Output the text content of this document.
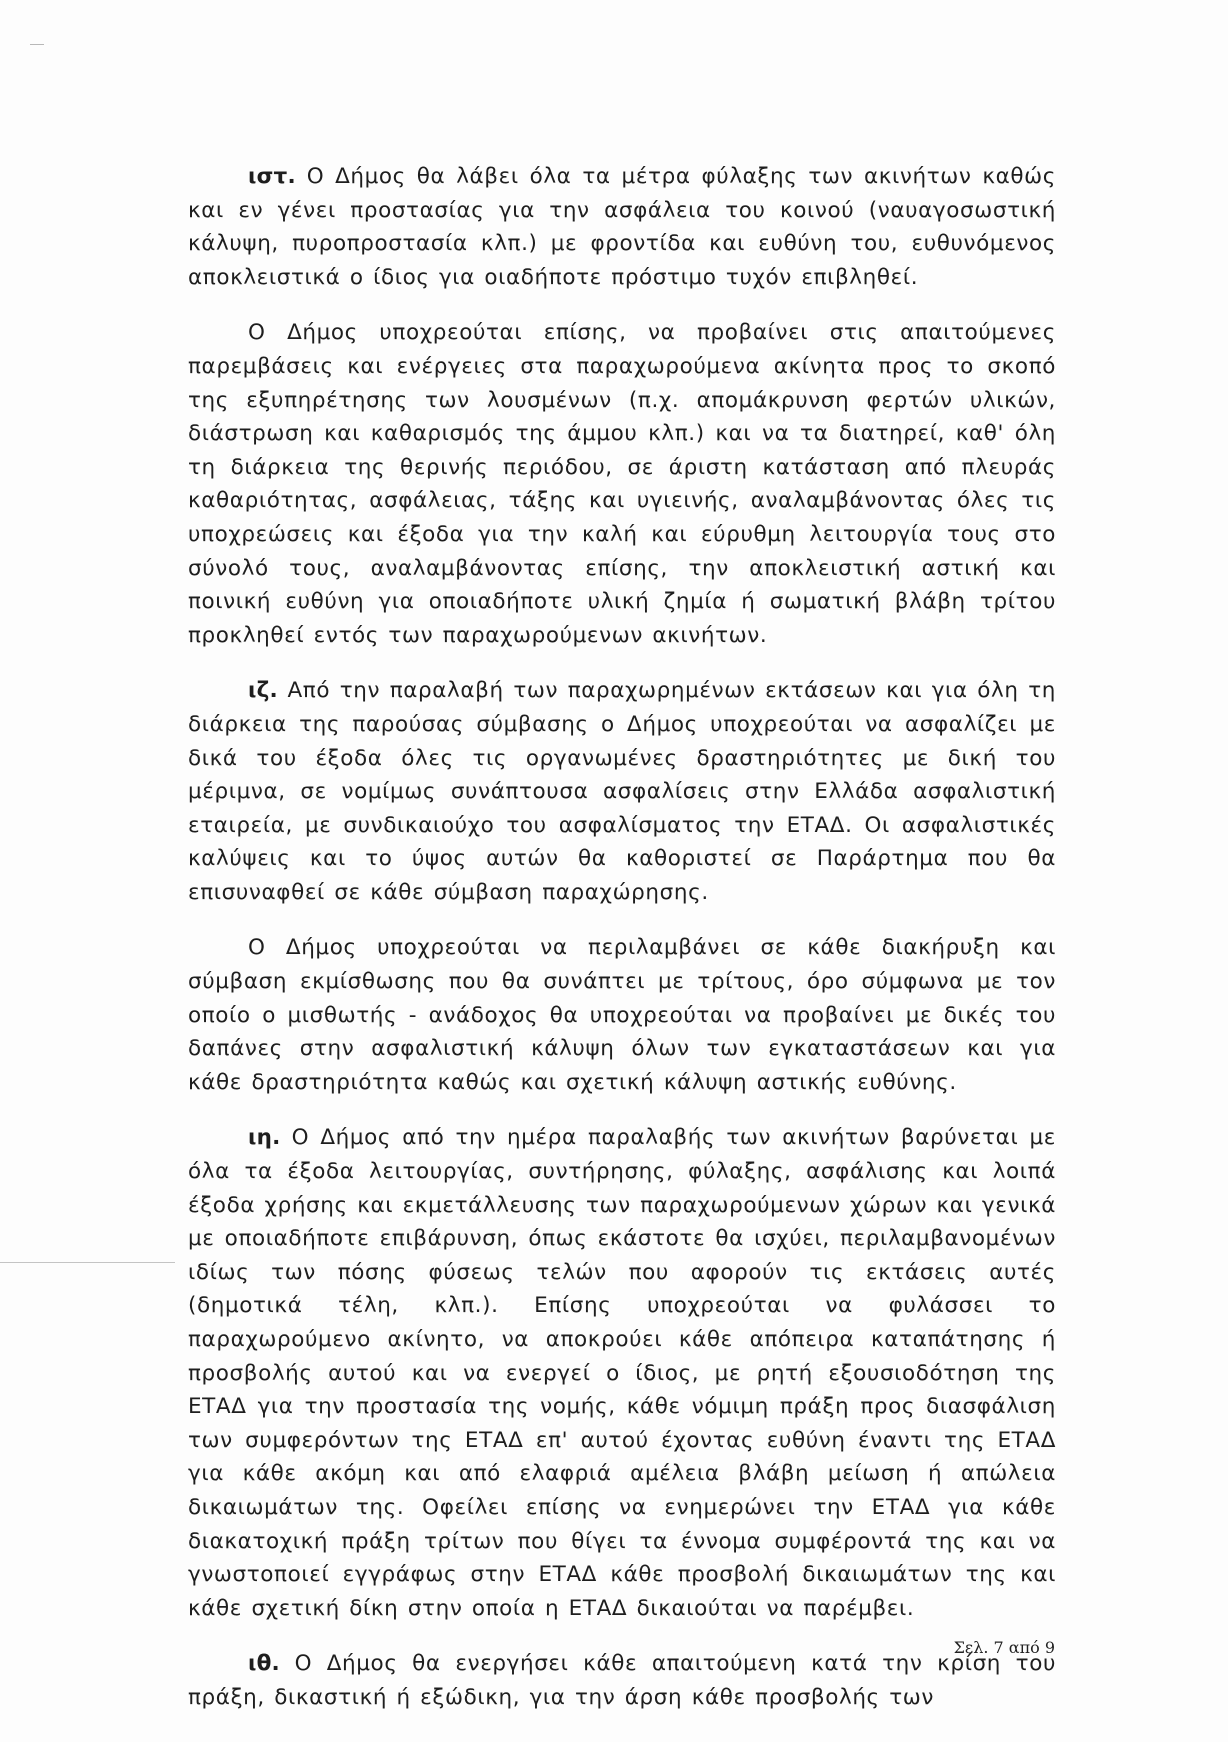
ιστ. Ο Δήμος θα λάβει όλα τα μέτρα φύλαξης των ακινήτων καθώς και εν γένει προστασίας για την ασφάλεια του κοινού (ναυαγοσωστική κάλυψη, πυροπροστασία κλπ.) με φροντίδα και ευθύνη του, ευθυνόμενος αποκλειστικά ο ίδιος για οιαδήποτε πρόστιμο τυχόν επιβληθεί.

Ο Δήμος υποχρεούται επίσης, να προβαίνει στις απαιτούμενες παρεμβάσεις και ενέργειες στα παραχωρούμενα ακίνητα προς το σκοπό της εξυπηρέτησης των λουσμένων (π.χ. απομάκρυνση φερτών υλικών, διάστρωση και καθαρισμός της άμμου κλπ.) και να τα διατηρεί, καθ' όλη τη διάρκεια της θερινής περιόδου, σε άριστη κατάσταση από πλευράς καθαριότητας, ασφάλειας, τάξης και υγιεινής, αναλαμβάνοντας όλες τις υποχρεώσεις και έξοδα για την καλή και εύρυθμη λειτουργία τους στο σύνολό τους, αναλαμβάνοντας επίσης, την αποκλειστική αστική και ποινική ευθύνη για οποιαδήποτε υλική ζημία ή σωματική βλάβη τρίτου προκληθεί εντός των παραχωρούμενων ακινήτων.

ιζ. Από την παραλαβή των παραχωρημένων εκτάσεων και για όλη τη διάρκεια της παρούσας σύμβασης ο Δήμος υποχρεούται να ασφαλίζει με δικά του έξοδα όλες τις οργανωμένες δραστηριότητες με δική του μέριμνα, σε νομίμως συνάπτουσα ασφαλίσεις στην Ελλάδα ασφαλιστική εταιρεία, με συνδικαιούχο του ασφαλίσματος την ΕΤΑΔ. Οι ασφαλιστικές καλύψεις και το ύψος αυτών θα καθοριστεί σε Παράρτημα που θα επισυναφθεί σε κάθε σύμβαση παραχώρησης.

Ο Δήμος υποχρεούται να περιλαμβάνει σε κάθε διακήρυξη και σύμβαση εκμίσθωσης που θα συνάπτει με τρίτους, όρο σύμφωνα με τον οποίο ο μισθωτής - ανάδοχος θα υποχρεούται να προβαίνει με δικές του δαπάνες στην ασφαλιστική κάλυψη όλων των εγκαταστάσεων και για κάθε δραστηριότητα καθώς και σχετική κάλυψη αστικής ευθύνης.

ιη. Ο Δήμος από την ημέρα παραλαβής των ακινήτων βαρύνεται με όλα τα έξοδα λειτουργίας, συντήρησης, φύλαξης, ασφάλισης και λοιπά έξοδα χρήσης και εκμετάλλευσης των παραχωρούμενων χώρων και γενικά με οποιαδήποτε επιβάρυνση, όπως εκάστοτε θα ισχύει, περιλαμβανομένων ιδίως των πόσης φύσεως τελών που αφορούν τις εκτάσεις αυτές (δημοτικά τέλη, κλπ.). Επίσης υποχρεούται να φυλάσσει το παραχωρούμενο ακίνητο, να αποκρούει κάθε απόπειρα καταπάτησης ή προσβολής αυτού και να ενεργεί ο ίδιος, με ρητή εξουσιοδότηση της ΕΤΑΔ για την προστασία της νομής, κάθε νόμιμη πράξη προς διασφάλιση των συμφερόντων της ΕΤΑΔ επ' αυτού έχοντας ευθύνη έναντι της ΕΤΑΔ για κάθε ακόμη και από ελαφριά αμέλεια βλάβη μείωση ή απώλεια δικαιωμάτων της. Οφείλει επίσης να ενημερώνει την ΕΤΑΔ για κάθε διακατοχική πράξη τρίτων που θίγει τα έννομα συμφέροντά της και να γνωστοποιεί εγγράφως στην ΕΤΑΔ κάθε προσβολή δικαιωμάτων της και κάθε σχετική δίκη στην οποία η ΕΤΑΔ δικαιούται να παρέμβει.

ιθ. Ο Δήμος θα ενεργήσει κάθε απαιτούμενη κατά την κρίση του πράξη, δικαστική ή εξώδικη, για την άρση κάθε προσβολής των

Σελ. 7 από 9
